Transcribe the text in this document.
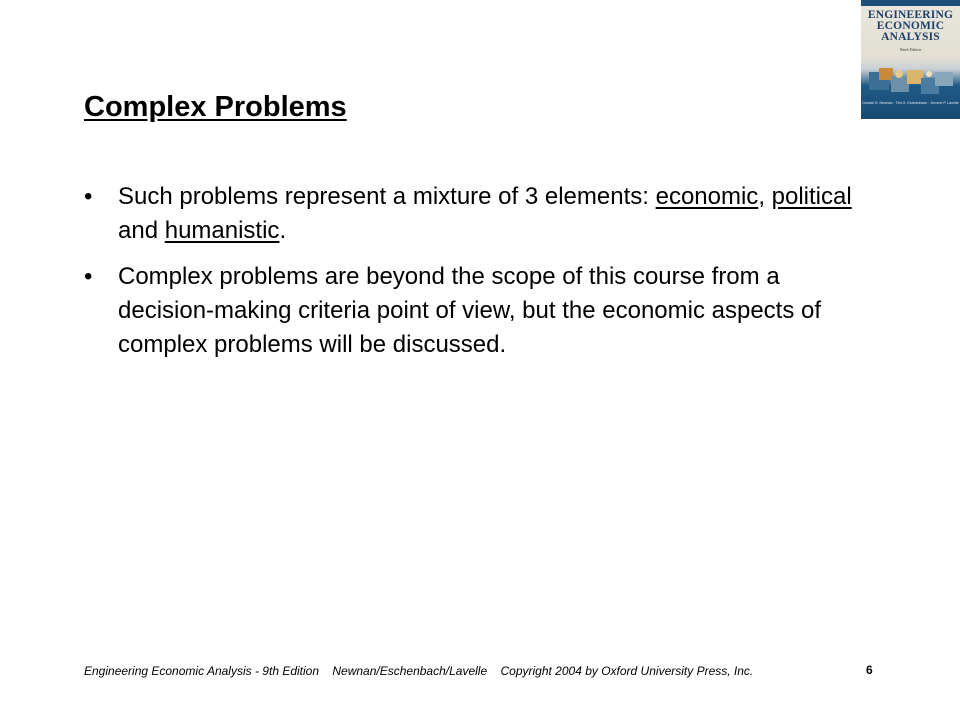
ENGINEERING
ECONOMIC
ANALYSIS
Ninth Edition
Donald G. Newnan · Ted G. Eschenbach · Jerome P. Lavelle
Complex Problems
•	Such problems represent a mixture of 3 elements: economic, political and humanistic.
•	Complex problems are beyond the scope of this course from a decision-making criteria point of view, but the economic aspects of complex problems will be discussed.
Engineering Economic Analysis - 9th Edition Newnan/Eschenbach/Lavelle Copyright 2004 by Oxford University Press, Inc.	6
